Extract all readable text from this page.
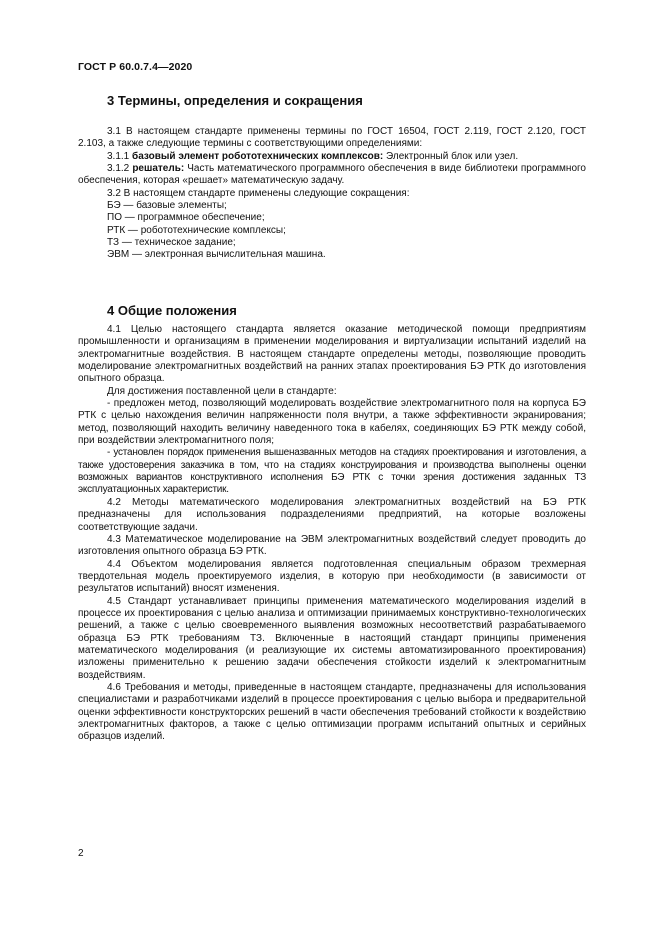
ГОСТ Р 60.0.7.4—2020
3 Термины, определения и сокращения

3.1 В настоящем стандарте применены термины по ГОСТ 16504, ГОСТ 2.119, ГОСТ 2.120, ГОСТ 2.103, а также следующие термины с соответствующими определениями:

3.1.1 базовый элемент робототехнических комплексов: Электронный блок или узел.

3.1.2 решатель: Часть математического программного обеспечения в виде библиотеки программного обеспечения, которая «решает» математическую задачу.

3.2 В настоящем стандарте применены следующие сокращения:

БЭ — базовые элементы;

ПО — программное обеспечение;

РТК — робототехнические комплексы;

ТЗ — техническое задание;

ЭВМ — электронная вычислительная машина.

4 Общие положения

4.1 Целью настоящего стандарта является оказание методической помощи предприятиям промышленности и организациям в применении моделирования и виртуализации испытаний изделий на электромагнитные воздействия. В настоящем стандарте определены методы, позволяющие проводить моделирование электромагнитных воздействий на ранних этапах проектирования БЭ РТК до изготовления опытного образца.

Для достижения поставленной цели в стандарте:

- предложен метод, позволяющий моделировать воздействие электромагнитного поля на корпуса БЭ РТК с целью нахождения величин напряженности поля внутри, а также эффективности экранирования; метод, позволяющий находить величину наведенного тока в кабелях, соединяющих БЭ РТК между собой, при воздействии электромагнитного поля;

- установлен порядок применения вышеназванных методов на стадиях проектирования и изготовления, а также удостоверения заказчика в том, что на стадиях конструирования и производства выполнены оценки возможных вариантов конструктивного исполнения БЭ РТК с точки зрения достижения заданных ТЗ эксплуатационных характеристик.

4.2 Методы математического моделирования электромагнитных воздействий на БЭ РТК предназначены для использования подразделениями предприятий, на которые возложены соответствующие задачи.

4.3 Математическое моделирование на ЭВМ электромагнитных воздействий следует проводить до изготовления опытного образца БЭ РТК.

4.4 Объектом моделирования является подготовленная специальным образом трехмерная твердотельная модель проектируемого изделия, в которую при необходимости (в зависимости от результатов испытаний) вносят изменения.

4.5 Стандарт устанавливает принципы применения математического моделирования изделий в процессе их проектирования с целью анализа и оптимизации принимаемых конструктивно-технологических решений, а также с целью своевременного выявления возможных несоответствий разрабатываемого образца БЭ РТК требованиям ТЗ. Включенные в настоящий стандарт принципы применения математического моделирования (и реализующие их системы автоматизированного проектирования) изложены применительно к решению задачи обеспечения стойкости изделий к электромагнитным воздействиям.

4.6 Требования и методы, приведенные в настоящем стандарте, предназначены для использования специалистами и разработчиками изделий в процессе проектирования с целью выбора и предварительной оценки эффективности конструкторских решений в части обеспечения требований стойкости к воздействию электромагнитных факторов, а также с целью оптимизации программ испытаний опытных и серийных образцов изделий.

2
